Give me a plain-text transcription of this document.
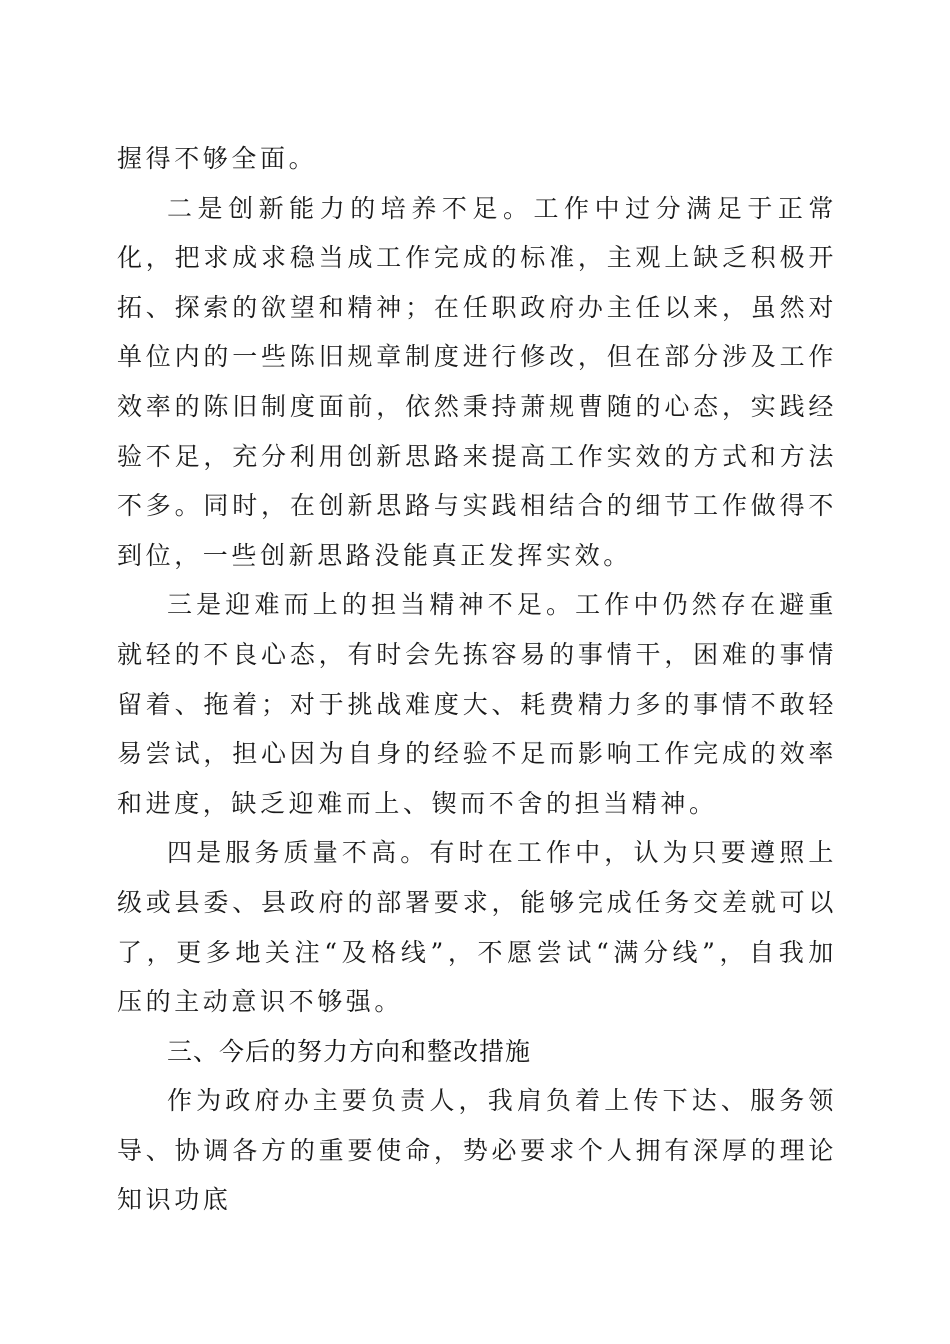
握得不够全面。

二是创新能力的培养不足。工作中过分满足于正常化，把求成求稳当成工作完成的标准，主观上缺乏积极开拓、探索的欲望和精神；在任职政府办主任以来，虽然对单位内的一些陈旧规章制度进行修改，但在部分涉及工作效率的陈旧制度面前，依然秉持萧规曹随的心态，实践经验不足，充分利用创新思路来提高工作实效的方式和方法不多。同时，在创新思路与实践相结合的细节工作做得不到位，一些创新思路没能真正发挥实效。

三是迎难而上的担当精神不足。工作中仍然存在避重就轻的不良心态，有时会先拣容易的事情干，困难的事情留着、拖着；对于挑战难度大、耗费精力多的事情不敢轻易尝试，担心因为自身的经验不足而影响工作完成的效率和进度，缺乏迎难而上、锲而不舍的担当精神。

四是服务质量不高。有时在工作中，认为只要遵照上级或县委、县政府的部署要求，能够完成任务交差就可以了，更多地关注“及格线”，不愿尝试“满分线”，自我加压的主动意识不够强。

三、今后的努力方向和整改措施

作为政府办主要负责人，我肩负着上传下达、服务领导、协调各方的重要使命，势必要求个人拥有深厚的理论知识功底
